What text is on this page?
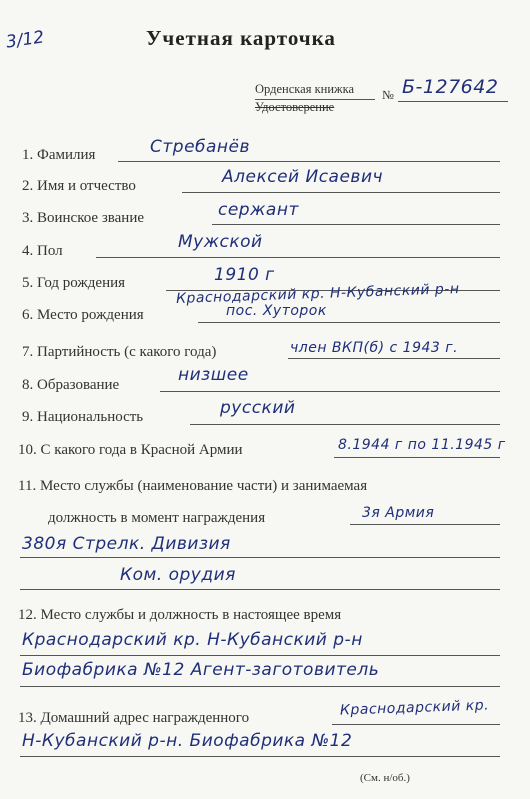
3/12	Учетная карточка
Орденская книжка
Удостоверение
№ Б-127642
1. Фамилия	Стребанёв
2. Имя и отчество	Алексей Исаевич
3. Воинское звание	сержант
4. Пол	Мужской
5. Год рождения	1910 г
6. Место рождения
Краснодарский кр. Н-Кубанский р-н
пос. Хуторок
7. Партийность (с какого года)	член ВКП(б) с 1943 г.
8. Образование	низшее
9. Национальность	русский
10. С какого года в Красной Армии	8.1944 г по 11.1945 г
11. Место службы (наименование части) и занимаемая
должность в момент награждения	3я Армия
380я Стрелк. Дивизия
Ком. орудия
12. Место службы и должность в настоящее время
Краснодарский кр. Н-Кубанский р-н
Биофабрика №12 Агент-заготовитель
13. Домашний адрес награжденного	Краснодарский кр.
Н-Кубанский р-н. Биофабрика №12
(См. н/об.)
